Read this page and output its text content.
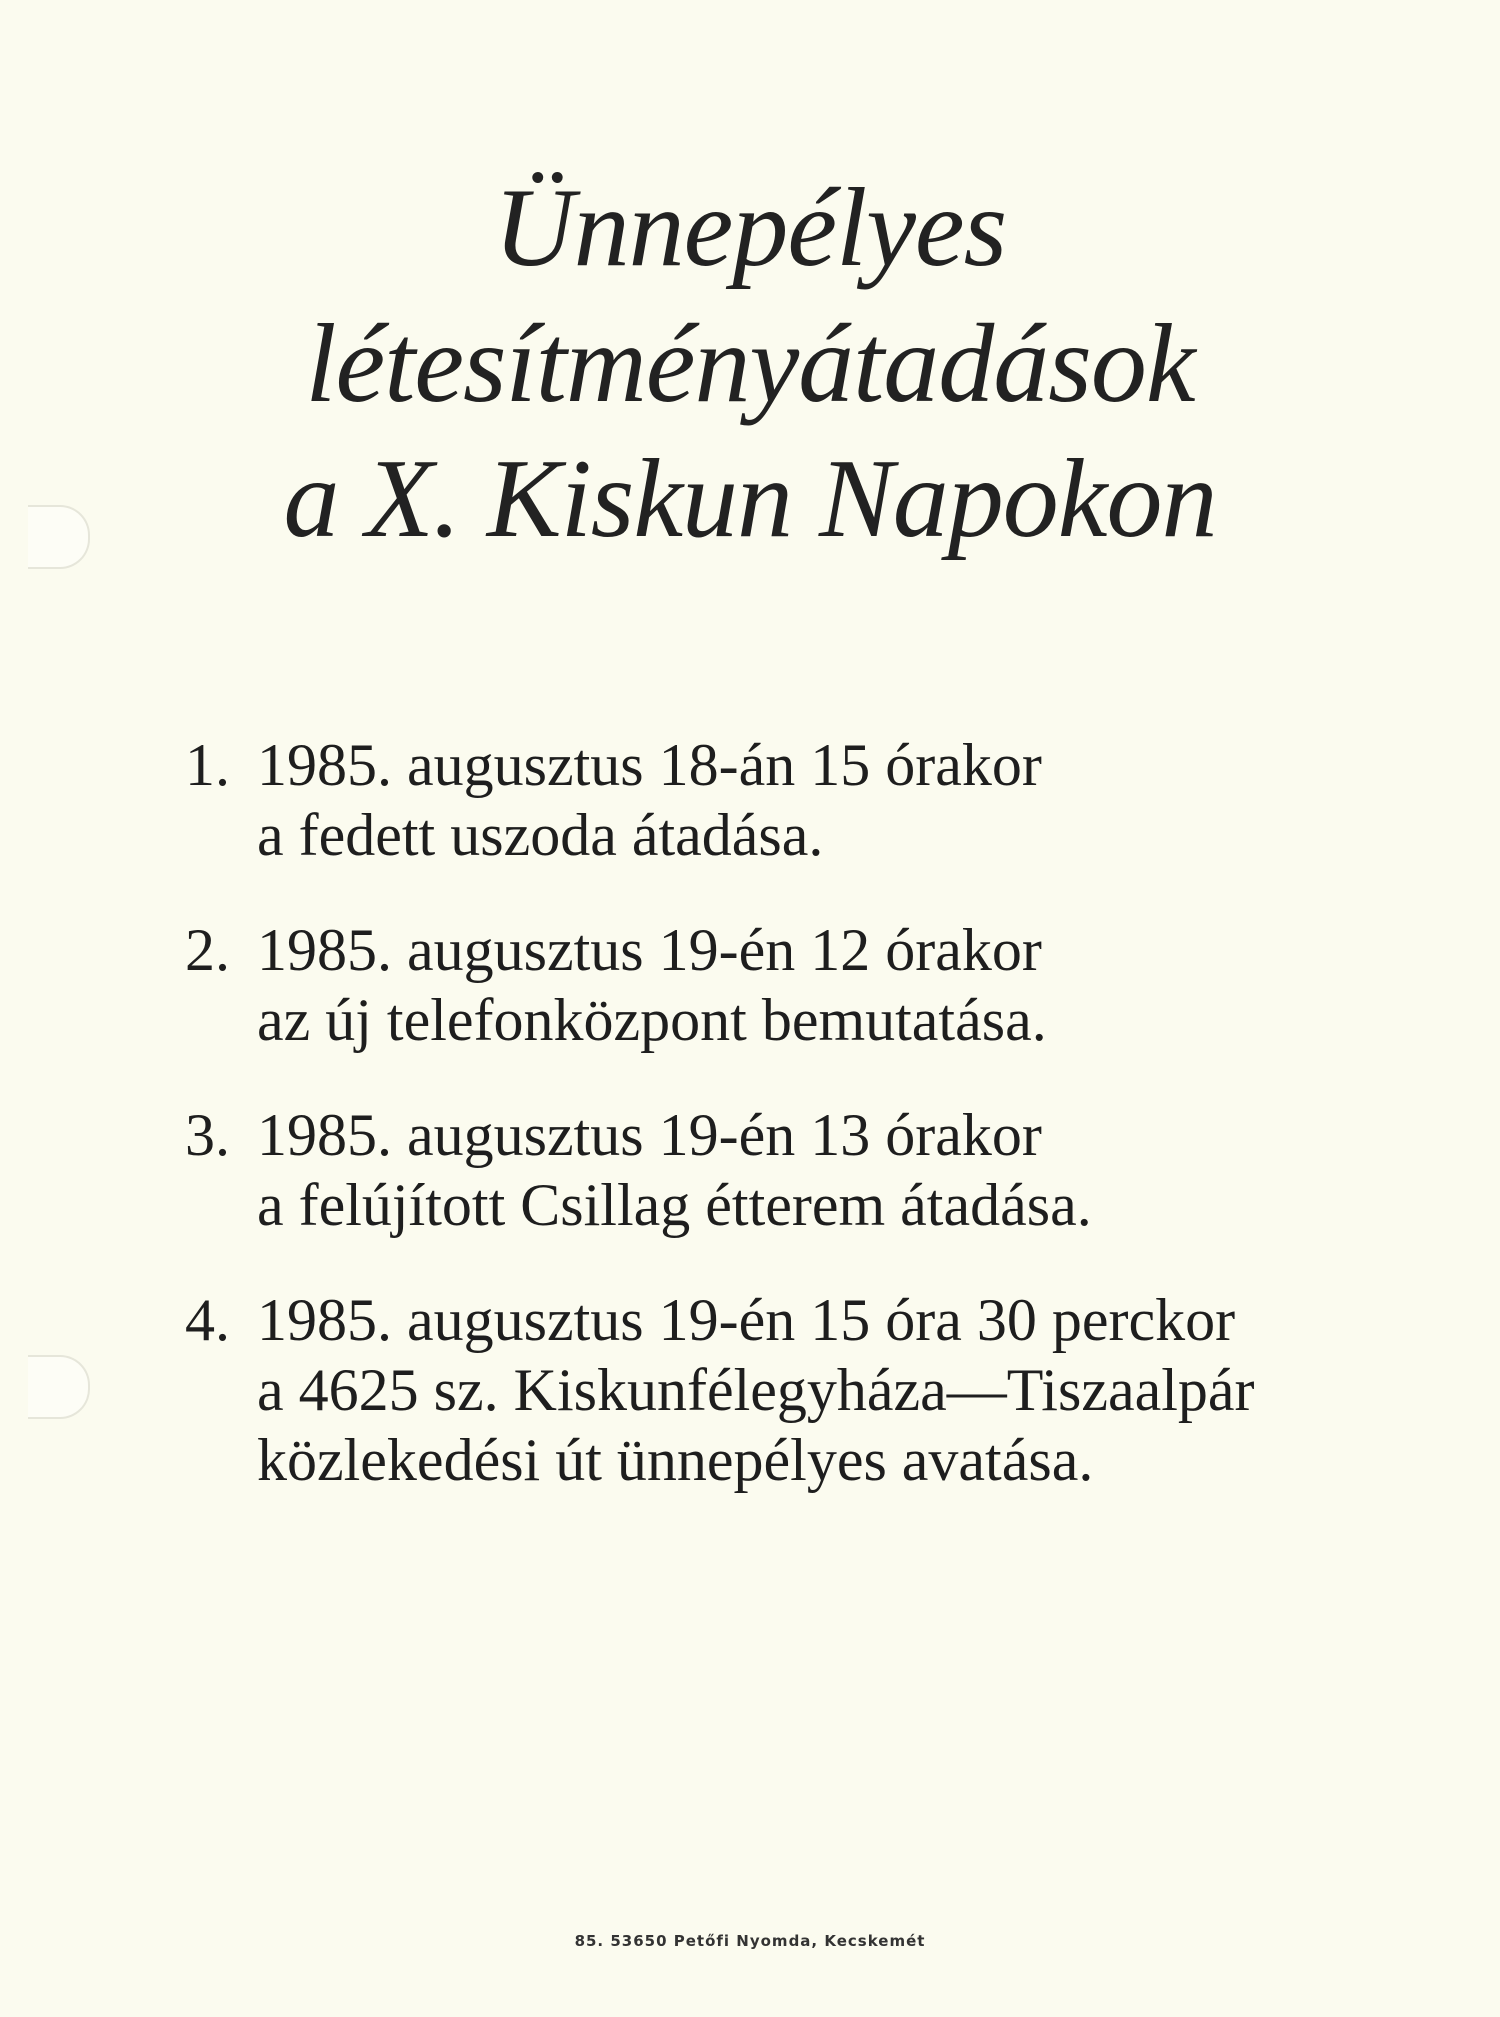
Ünnepélyes
létesítményátadások
a X. Kiskun Napokon
1. 1985. augusztus 18-án 15 órakor
a fedett uszoda átadása.
2. 1985. augusztus 19-én 12 órakor
az új telefonközpont bemutatása.
3. 1985. augusztus 19-én 13 órakor
a felújított Csillag étterem átadása.
4. 1985. augusztus 19-én 15 óra 30 perckor
a 4625 sz. Kiskunfélegyháza—Tiszaalpár
közlekedési út ünnepélyes avatása.
85. 53650 Petőfi Nyomda, Kecskemét
